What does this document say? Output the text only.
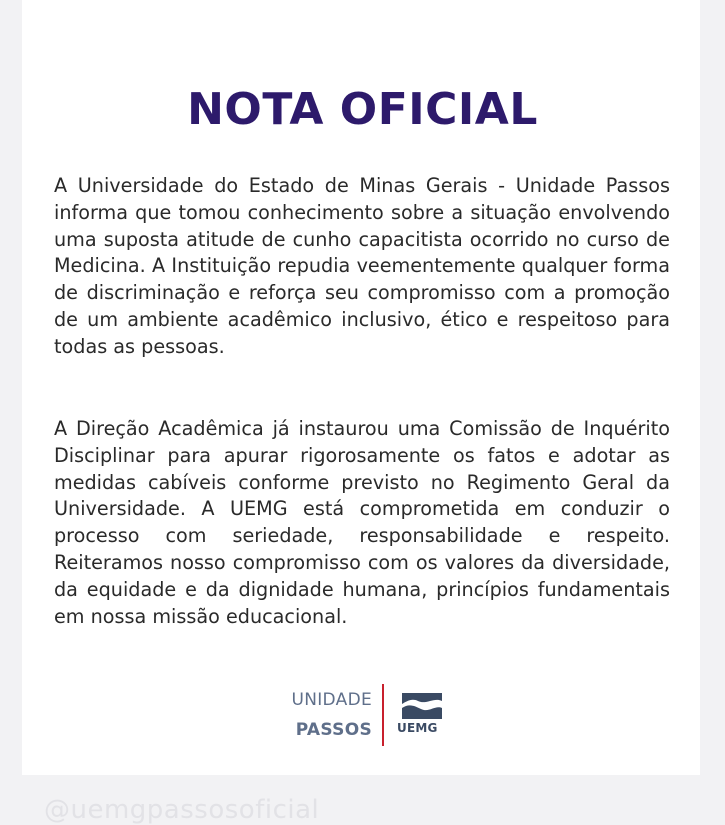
NOTA OFICIAL

A Universidade do Estado de Minas Gerais - Unidade Passos informa que tomou conhecimento sobre a situação envolvendo uma suposta atitude de cunho capacitista ocorrido no curso de Medicina. A Instituição repudia veementemente qualquer forma de discriminação e reforça seu compromisso com a promoção de um ambiente acadêmico inclusivo, ético e respeitoso para todas as pessoas.

A Direção Acadêmica já instaurou uma Comissão de Inquérito Disciplinar para apurar rigorosamente os fatos e adotar as medidas cabíveis conforme previsto no Regimento Geral da Universidade. A UEMG está comprometida em conduzir o processo com seriedade, responsabilidade e respeito. Reiteramos nosso compromisso com os valores da diversidade, da equidade e da dignidade humana, princípios fundamentais em nossa missão educacional.

UNIDADE
PASSOS UEMG
@uemgpassosoficial
